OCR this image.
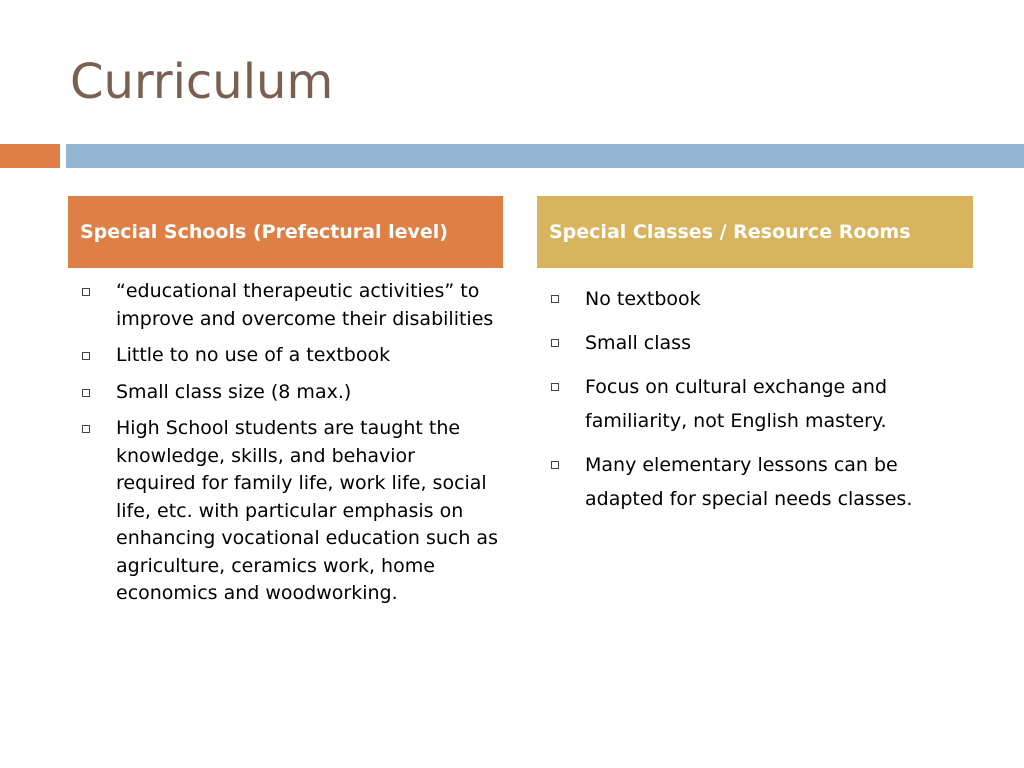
Curriculum
Special Schools (Prefectural level)	Special Classes / Resource Rooms
“educational therapeutic activities” to improve and overcome their disabilities
Little to no use of a textbook
Small class size (8 max.)
High School students are taught the knowledge, skills, and behavior required for family life, work life, social life, etc. with particular emphasis on enhancing vocational education such as agriculture, ceramics work, home economics and woodworking.
No textbook
Small class
Focus on cultural exchange and familiarity, not English mastery.
Many elementary lessons can be adapted for special needs classes.
